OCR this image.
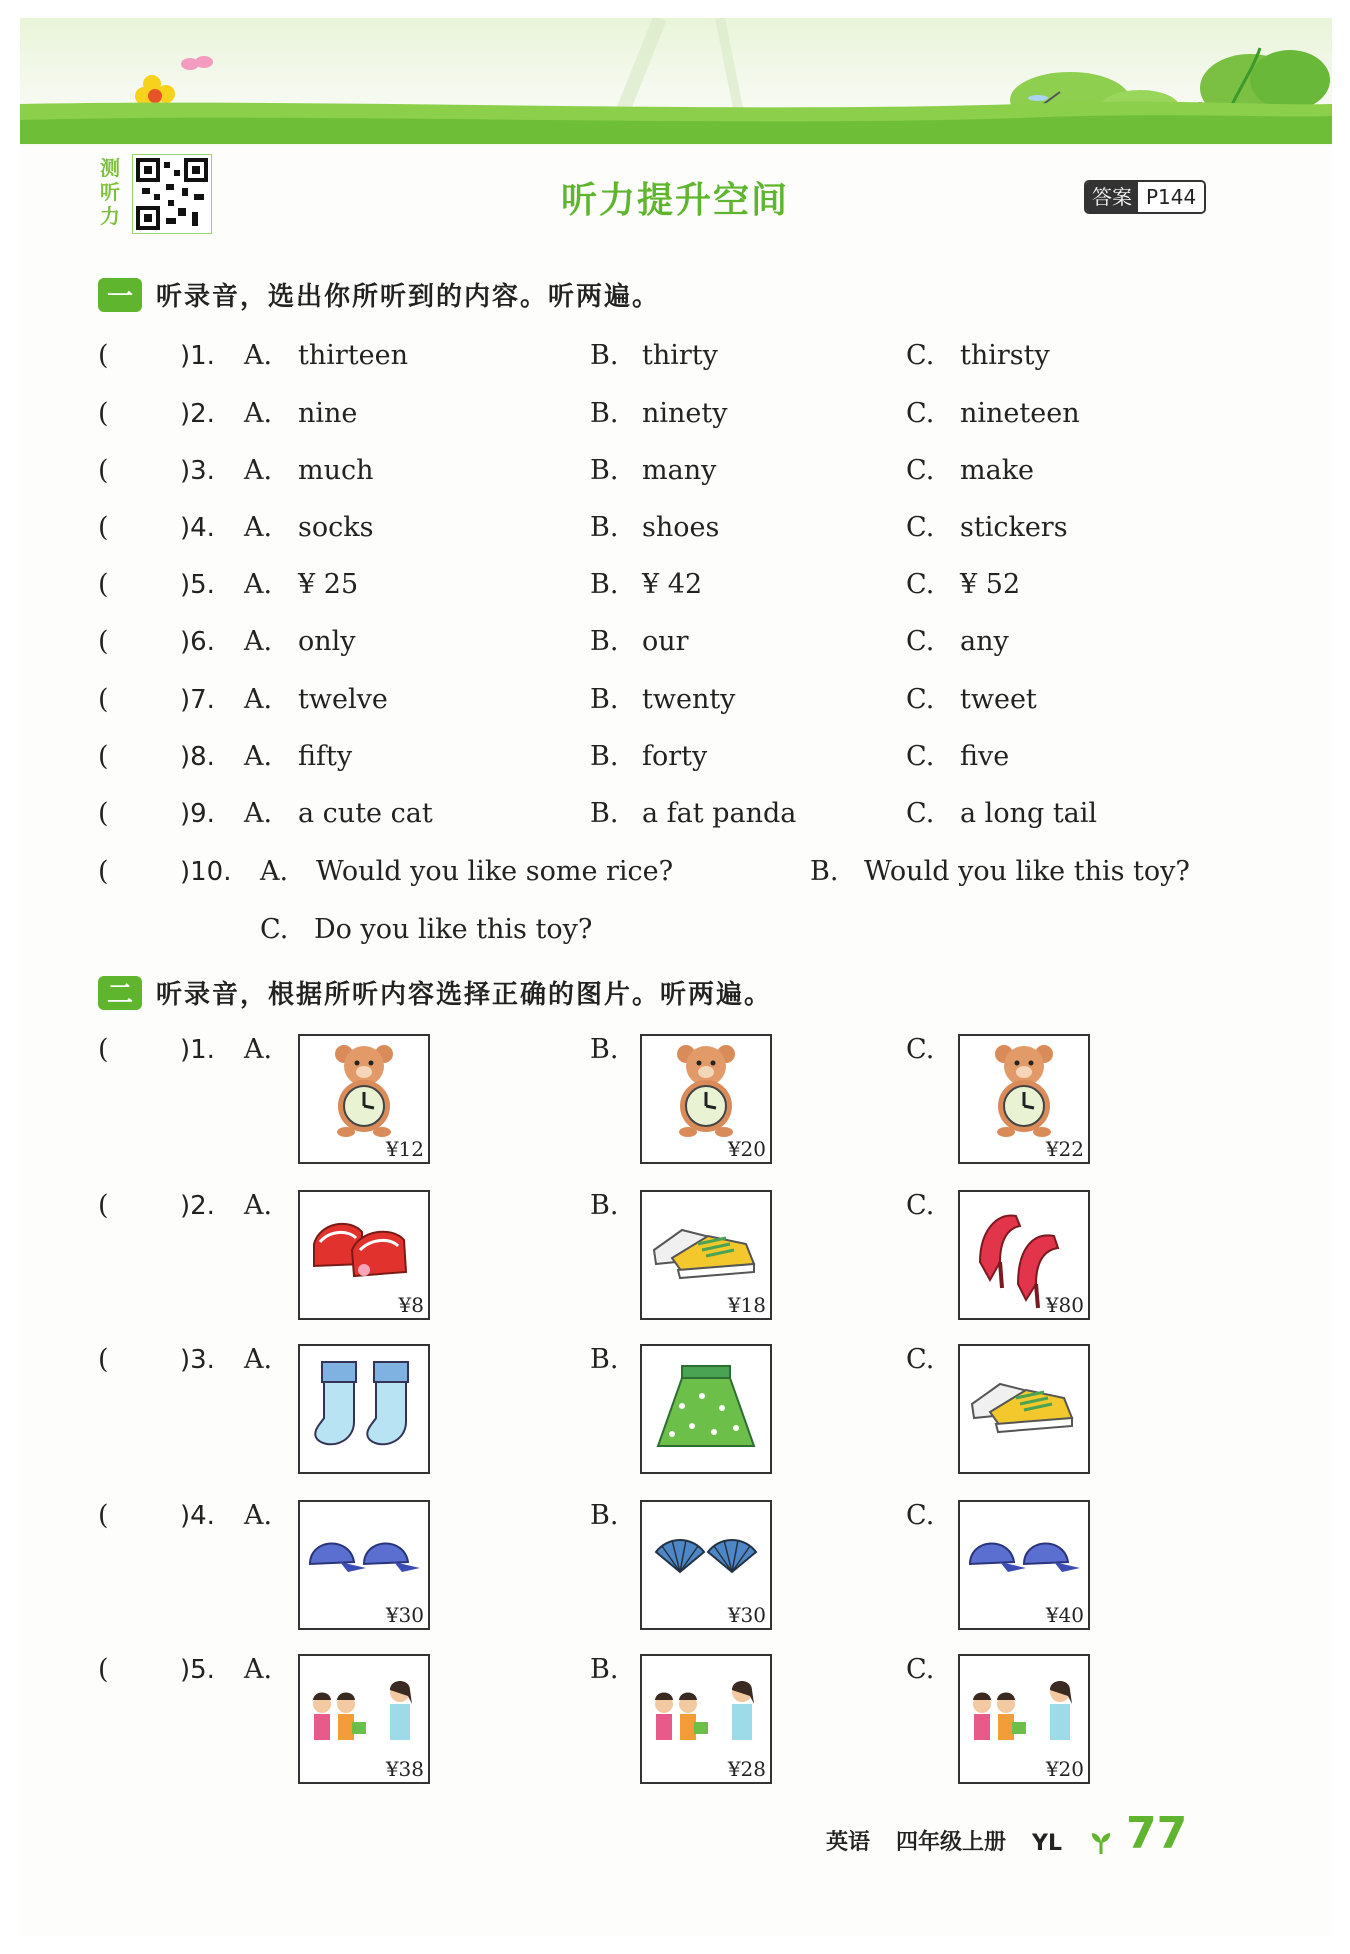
测
听
力	听力提升空间	答案 P144
一 听录音，选出你所听到的内容。听两遍。
(	)1. A. thirteen	B. thirty	C. thirsty
(	)2. A. nine	B. ninety	C. nineteen
(	)3. A. much	B. many	C. make
(	)4. A. socks	B. shoes	C. stickers
(	)5. A. ¥ 25	B. ¥ 42	C. ¥ 52
(	)6. A. only	B. our	C. any
(	)7. A. twelve	B. twenty	C. tweet
(	)8. A. fifty	B. forty	C. five
(	)9. A. a cute cat	B. a fat panda	C. a long tail
(	)10. A. Would you like some rice?	B. Would you like this toy?
C. Do you like this toy?
二 听录音，根据所听内容选择正确的图片。听两遍。
(	)1. A.
¥12
B.
¥20
C.
¥22
(	)2. A.
¥8
B.
¥18
C.
¥80
(	)3. A.	B.	C.
(	)4. A.
¥30
B.
¥30
C.
¥40
(	)5. A.
¥38
B.
¥28
C.
¥20
英语 四年级上册 YL 77
